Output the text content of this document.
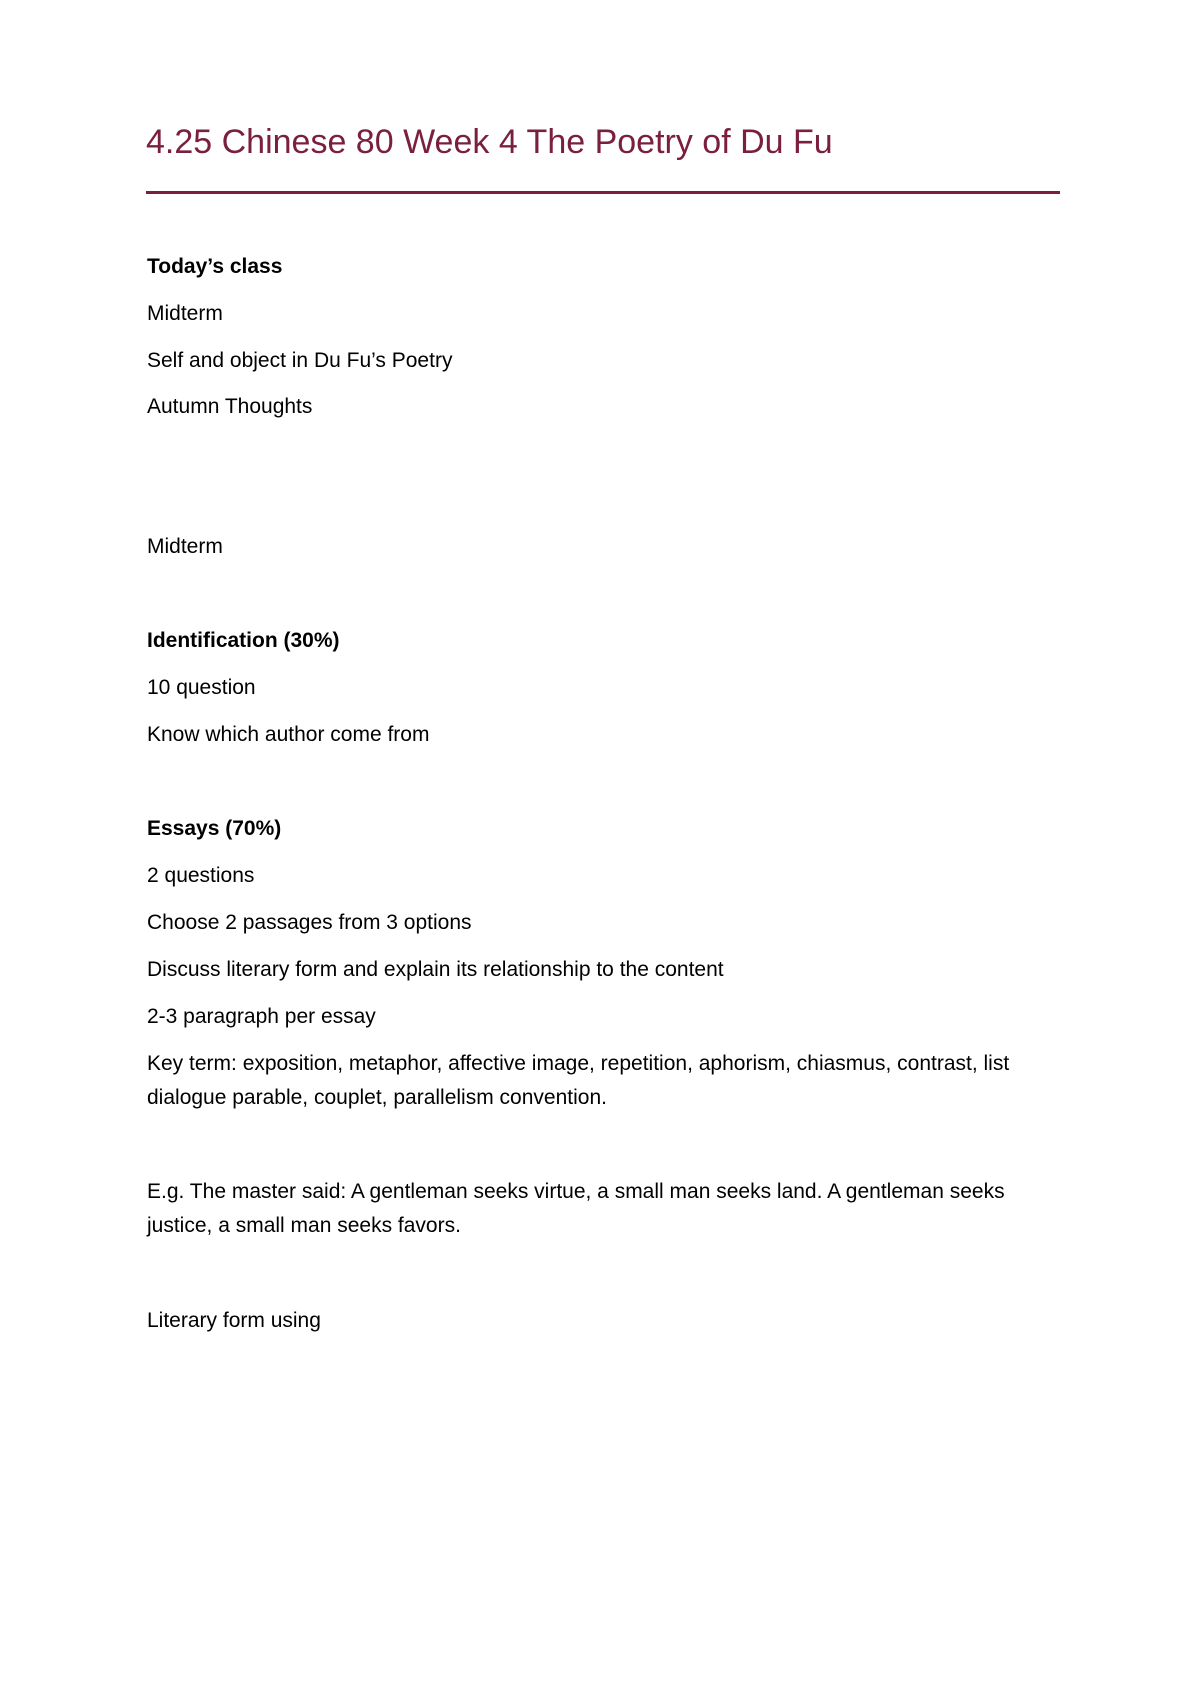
4.25 Chinese 80 Week 4 The Poetry of Du Fu

Today’s class

Midterm

Self and object in Du Fu’s Poetry

Autumn Thoughts

Midterm

Identification (30%)

10 question

Know which author come from

Essays (70%)

2 questions

Choose 2 passages from 3 options

Discuss literary form and explain its relationship to the content

2-3 paragraph per essay

Key term: exposition, metaphor, affective image, repetition, aphorism, chiasmus, contrast, list dialogue parable, couplet, parallelism convention.

E.g. The master said: A gentleman seeks virtue, a small man seeks land. A gentleman seeks justice, a small man seeks favors.

Literary form using
